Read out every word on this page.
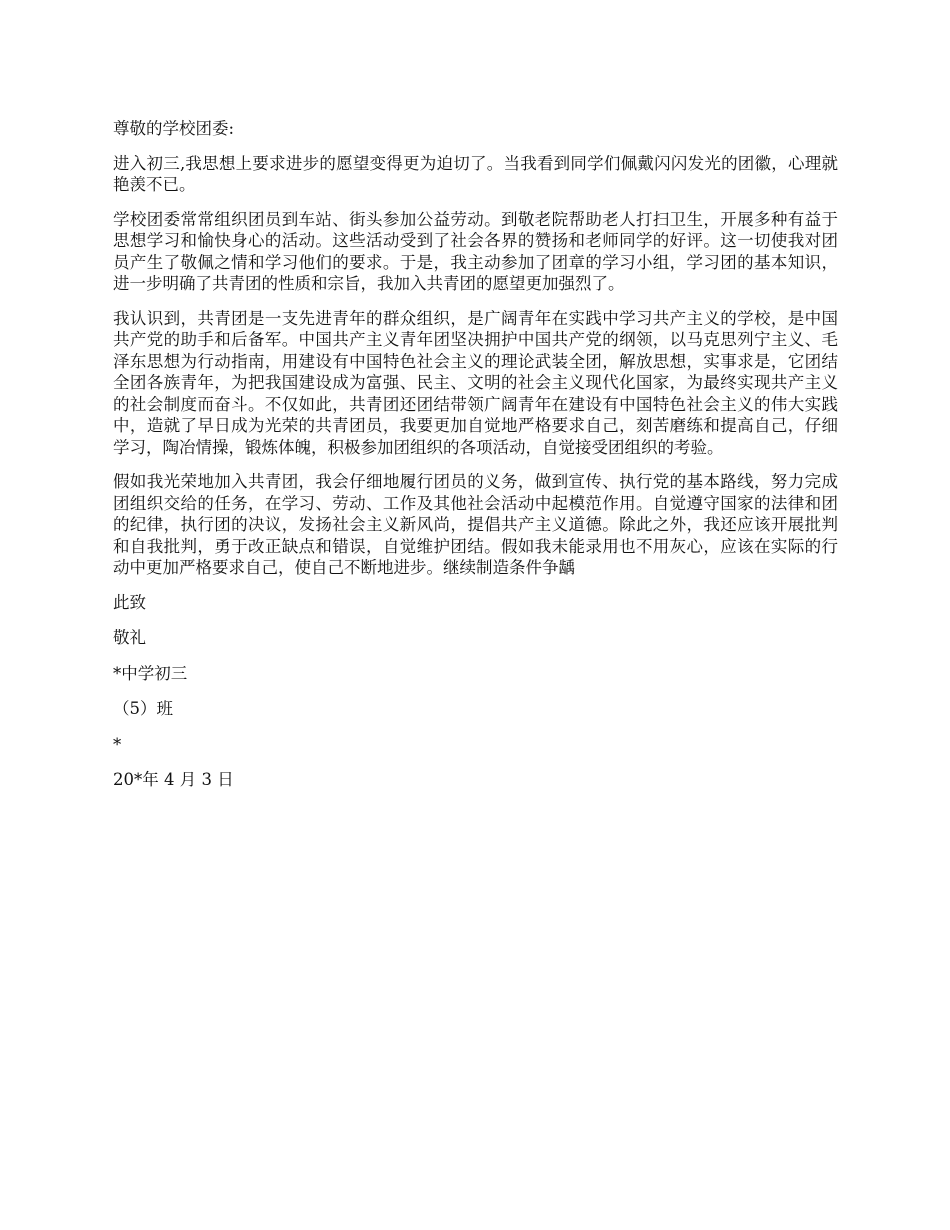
尊敬的学校团委:

进入初三,我思想上要求进步的愿望变得更为迫切了。当我看到同学们佩戴闪闪发光的团徽，心理就艳羡不已。

学校团委常常组织团员到车站、街头参加公益劳动。到敬老院帮助老人打扫卫生，开展多种有益于思想学习和愉快身心的活动。这些活动受到了社会各界的赞扬和老师同学的好评。这一切使我对团员产生了敬佩之情和学习他们的要求。于是，我主动参加了团章的学习小组，学习团的基本知识，进一步明确了共青团的性质和宗旨，我加入共青团的愿望更加强烈了。

我认识到，共青团是一支先进青年的群众组织，是广阔青年在实践中学习共产主义的学校，是中国共产党的助手和后备军。中国共产主义青年团坚决拥护中国共产党的纲领，以马克思列宁主义、毛泽东思想为行动指南，用建设有中国特色社会主义的理论武装全团，解放思想，实事求是，它团结全团各族青年，为把我国建设成为富强、民主、文明的社会主义现代化国家，为最终实现共产主义的社会制度而奋斗。不仅如此，共青团还团结带领广阔青年在建设有中国特色社会主义的伟大实践中，造就了早日成为光荣的共青团员，我要更加自觉地严格要求自己，刻苦磨练和提高自己，仔细学习，陶冶情操，锻炼体魄，积极参加团组织的各项活动，自觉接受团组织的考验。

假如我光荣地加入共青团，我会仔细地履行团员的义务，做到宣传、执行党的基本路线，努力完成团组织交给的任务，在学习、劳动、工作及其他社会活动中起模范作用。自觉遵守国家的法律和团的纪律，执行团的决议，发扬社会主义新风尚，提倡共产主义道德。除此之外，我还应该开展批判和自我批判，勇于改正缺点和错误，自觉维护团结。假如我未能录用也不用灰心，应该在实际的行动中更加严格要求自己，使自己不断地进步。继续制造条件争龋

此致

敬礼

*中学初三

（5）班

*

20*年 4 月 3 日
